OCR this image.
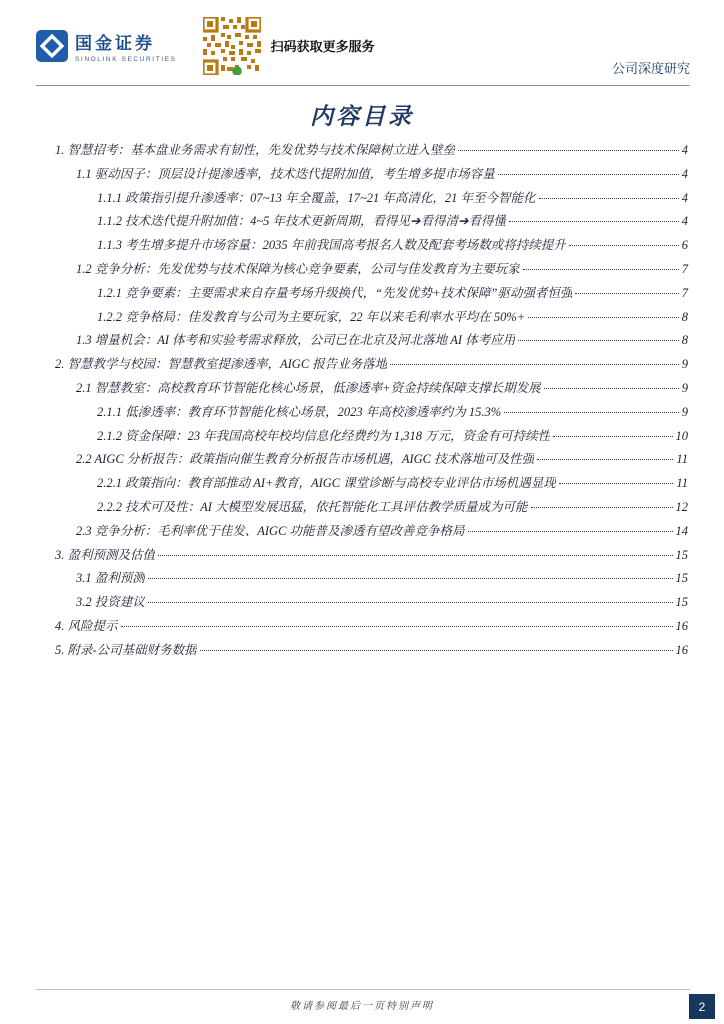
国金证券
SINOLINK SECURITIES
扫码获取更多服务
公司深度研究
内容目录
1. 智慧招考：基本盘业务需求有韧性，先发优势与技术保障树立进入壁垒	4
1.1 驱动因子：顶层设计提渗透率，技术迭代提附加值，考生增多提市场容量	4
1.1.1 政策指引提升渗透率：07~13 年全覆盖，17~21 年高清化，21 年至今智能化	4
1.1.2 技术迭代提升附加值：4~5 年技术更新周期，看得见➔看得清➔看得懂	4
1.1.3 考生增多提升市场容量：2035 年前我国高考报名人数及配套考场数或将持续提升	6
1.2 竞争分析：先发优势与技术保障为核心竞争要素，公司与佳发教育为主要玩家	7
1.2.1 竞争要素：主要需求来自存量考场升级换代，“先发优势+技术保障”驱动强者恒强	7
1.2.2 竞争格局：佳发教育与公司为主要玩家，22 年以来毛利率水平均在 50%+	8
1.3 增量机会：AI 体考和实验考需求释放，公司已在北京及河北落地 AI 体考应用	8
2. 智慧教学与校园：智慧教室提渗透率，AIGC 报告业务落地	9
2.1 智慧教室：高校教育环节智能化核心场景，低渗透率+资金持续保障支撑长期发展	9
2.1.1 低渗透率：教育环节智能化核心场景，2023 年高校渗透率约为 15.3%	9
2.1.2 资金保障：23 年我国高校年校均信息化经费约为 1,318 万元，资金有可持续性	10
2.2 AIGC 分析报告：政策指向催生教育分析报告市场机遇，AIGC 技术落地可及性强	11
2.2.1 政策指向：教育部推动 AI+教育，AIGC 课堂诊断与高校专业评估市场机遇显现	11
2.2.2 技术可及性：AI 大模型发展迅猛，依托智能化工具评估教学质量成为可能	12
2.3 竞争分析：毛利率优于佳发、AIGC 功能普及渗透有望改善竞争格局	14
3. 盈利预测及估值	15
3.1 盈利预测	15
3.2 投资建议	15
4. 风险提示	16
5. 附录-公司基础财务数据	16
敬请参阅最后一页特别声明	2
